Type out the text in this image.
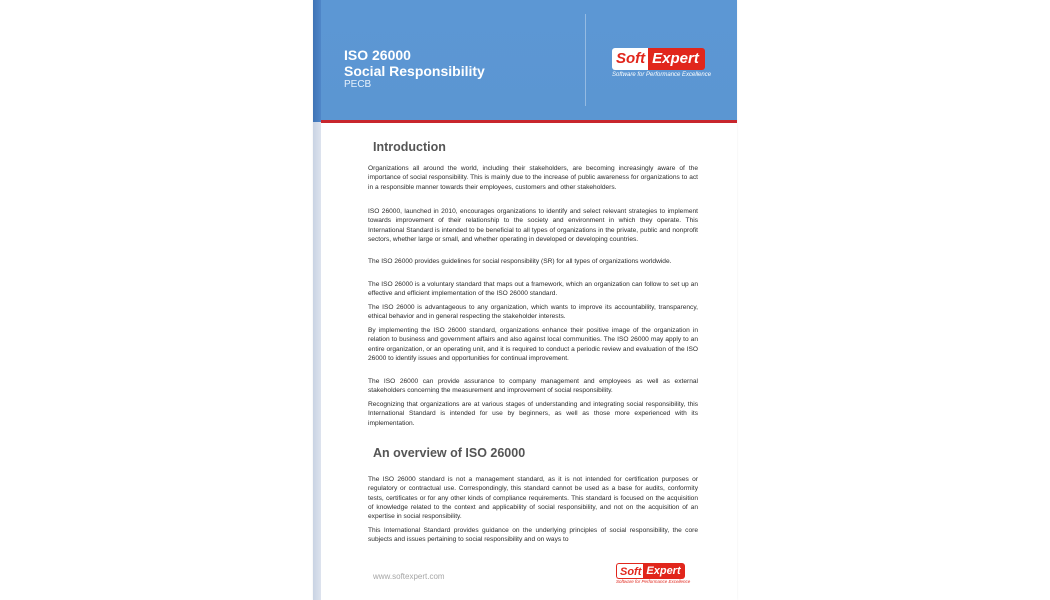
ISO 26000
Social Responsibility
PECB
Soft Expert
Software for Performance Excellence
Introduction

Organizations all around the world, including their stakeholders, are becoming increasingly aware of the importance of social responsibility. This is mainly due to the increase of public awareness for organizations to act in a responsible manner towards their employees, customers and other stakeholders.

ISO 26000, launched in 2010, encourages organizations to identify and select relevant strategies to implement towards improvement of their relationship to the society and environment in which they operate. This International Standard is intended to be beneficial to all types of organizations in the private, public and nonprofit sectors, whether large or small, and whether operating in developed or developing countries.

The ISO 26000 provides guidelines for social responsibility (SR) for all types of organizations worldwide.

The ISO 26000 is a voluntary standard that maps out a framework, which an organization can follow to set up an effective and efficient implementation of the ISO 26000 standard.

The ISO 26000 is advantageous to any organization, which wants to improve its accountability, transparency, ethical behavior and in general respecting the stakeholder interests.

By implementing the ISO 26000 standard, organizations enhance their positive image of the organization in relation to business and government affairs and also against local communities. The ISO 26000 may apply to an entire organization, or an operating unit, and it is required to conduct a periodic review and evaluation of the ISO 26000 to identify issues and opportunities for continual improvement.

The ISO 26000 can provide assurance to company management and employees as well as external stakeholders concerning the measurement and improvement of social responsibility.

Recognizing that organizations are at various stages of understanding and integrating social responsibility, this International Standard is intended for use by beginners, as well as those more experienced with its implementation.

An overview of ISO 26000

The ISO 26000 standard is not a management standard, as it is not intended for certification purposes or regulatory or contractual use. Correspondingly, this standard cannot be used as a base for audits, conformity tests, certificates or for any other kinds of compliance requirements. This standard is focused on the acquisition of knowledge related to the context and applicability of social responsibility, and not on the acquisition of an expertise in social responsibility.

This International Standard provides guidance on the underlying principles of social responsibility, the core subjects and issues pertaining to social responsibility and on ways to

www.softexpert.com	Soft Expert
Software for Performance Excellence
